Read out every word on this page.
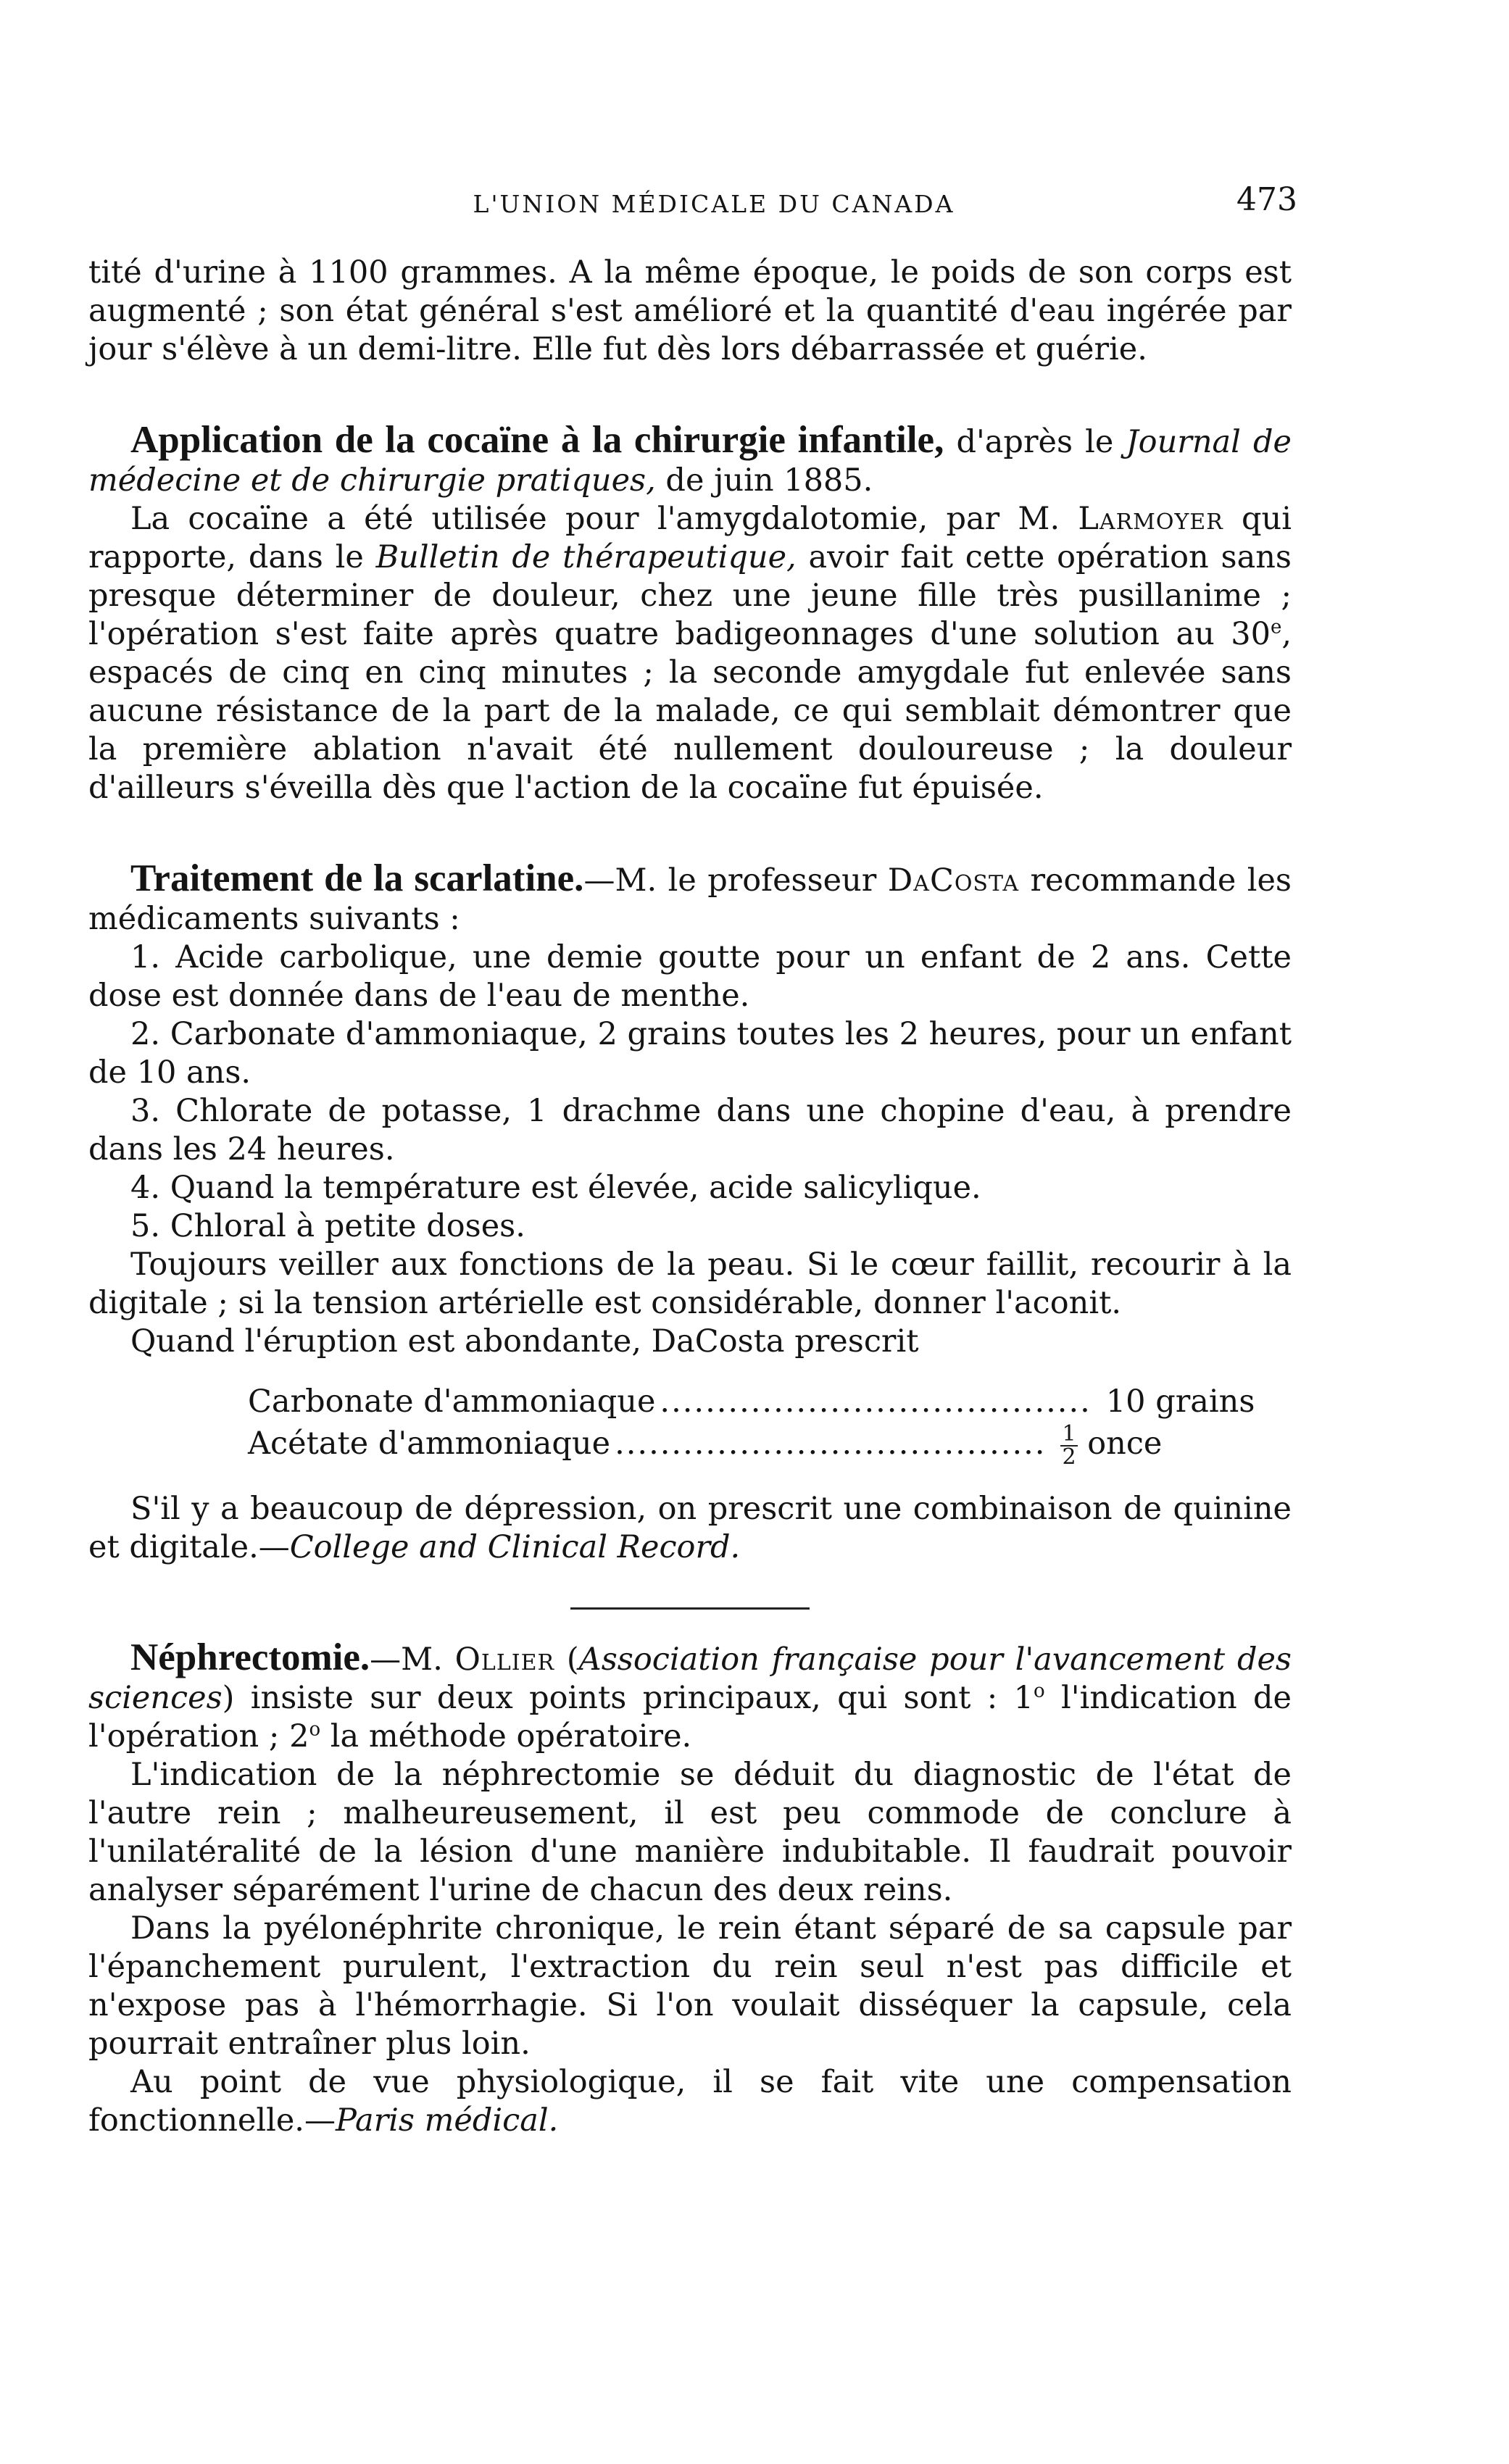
L'UNION MÉDICALE DU CANADA	473

tité d'urine à 1100 grammes. A la même époque, le poids de son corps est augmenté ; son état général s'est amélioré et la quantité d'eau ingérée par jour s'élève à un demi-litre. Elle fut dès lors débarrassée et guérie.

Application de la cocaïne à la chirurgie infantile, d'après le Journal de médecine et de chirurgie pratiques, de juin 1885.

La cocaïne a été utilisée pour l'amygdalotomie, par M. Larmoyer qui rapporte, dans le Bulletin de thérapeutique, avoir fait cette opération sans presque déterminer de douleur, chez une jeune fille très pusillanime ; l'opération s'est faite après quatre badigeonnages d'une solution au 30e, espacés de cinq en cinq minutes ; la seconde amygdale fut enlevée sans aucune résistance de la part de la malade, ce qui semblait démontrer que la première ablation n'avait été nullement douloureuse ; la douleur d'ailleurs s'éveilla dès que l'action de la cocaïne fut épuisée.

Traitement de la scarlatine.—M. le professeur DaCosta recommande les médicaments suivants :

1. Acide carbolique, une demie goutte pour un enfant de 2 ans. Cette dose est donnée dans de l'eau de menthe.

2. Carbonate d'ammoniaque, 2 grains toutes les 2 heures, pour un enfant de 10 ans.

3. Chlorate de potasse, 1 drachme dans une chopine d'eau, à prendre dans les 24 heures.

4. Quand la température est élevée, acide salicylique.

5. Chloral à petite doses.

Toujours veiller aux fonctions de la peau. Si le cœur faillit, recourir à la digitale ; si la tension artérielle est considérable, donner l'aconit.

Quand l'éruption est abondante, DaCosta prescrit

Carbonate d'ammoniaque ...................................... 10 grains
Acétate d'ammoniaque ...................................... $\frac{1}{2}$ once

S'il y a beaucoup de dépression, on prescrit une combinaison de quinine et digitale.—College and Clinical Record.

Néphrectomie.—M. Ollier (Association française pour l'avancement des sciences) insiste sur deux points principaux, qui sont : 1$^o$ l'indication de l'opération ; 2$^o$ la méthode opératoire.

L'indication de la néphrectomie se déduit du diagnostic de l'état de l'autre rein ; malheureusement, il est peu commode de conclure à l'unilatéralité de la lésion d'une manière indubitable. Il faudrait pouvoir analyser séparément l'urine de chacun des deux reins.

Dans la pyélonéphrite chronique, le rein étant séparé de sa capsule par l'épanchement purulent, l'extraction du rein seul n'est pas difficile et n'expose pas à l'hémorrhagie. Si l'on voulait disséquer la capsule, cela pourrait entraîner plus loin.

Au point de vue physiologique, il se fait vite une compensation fonctionnelle.—Paris médical.
